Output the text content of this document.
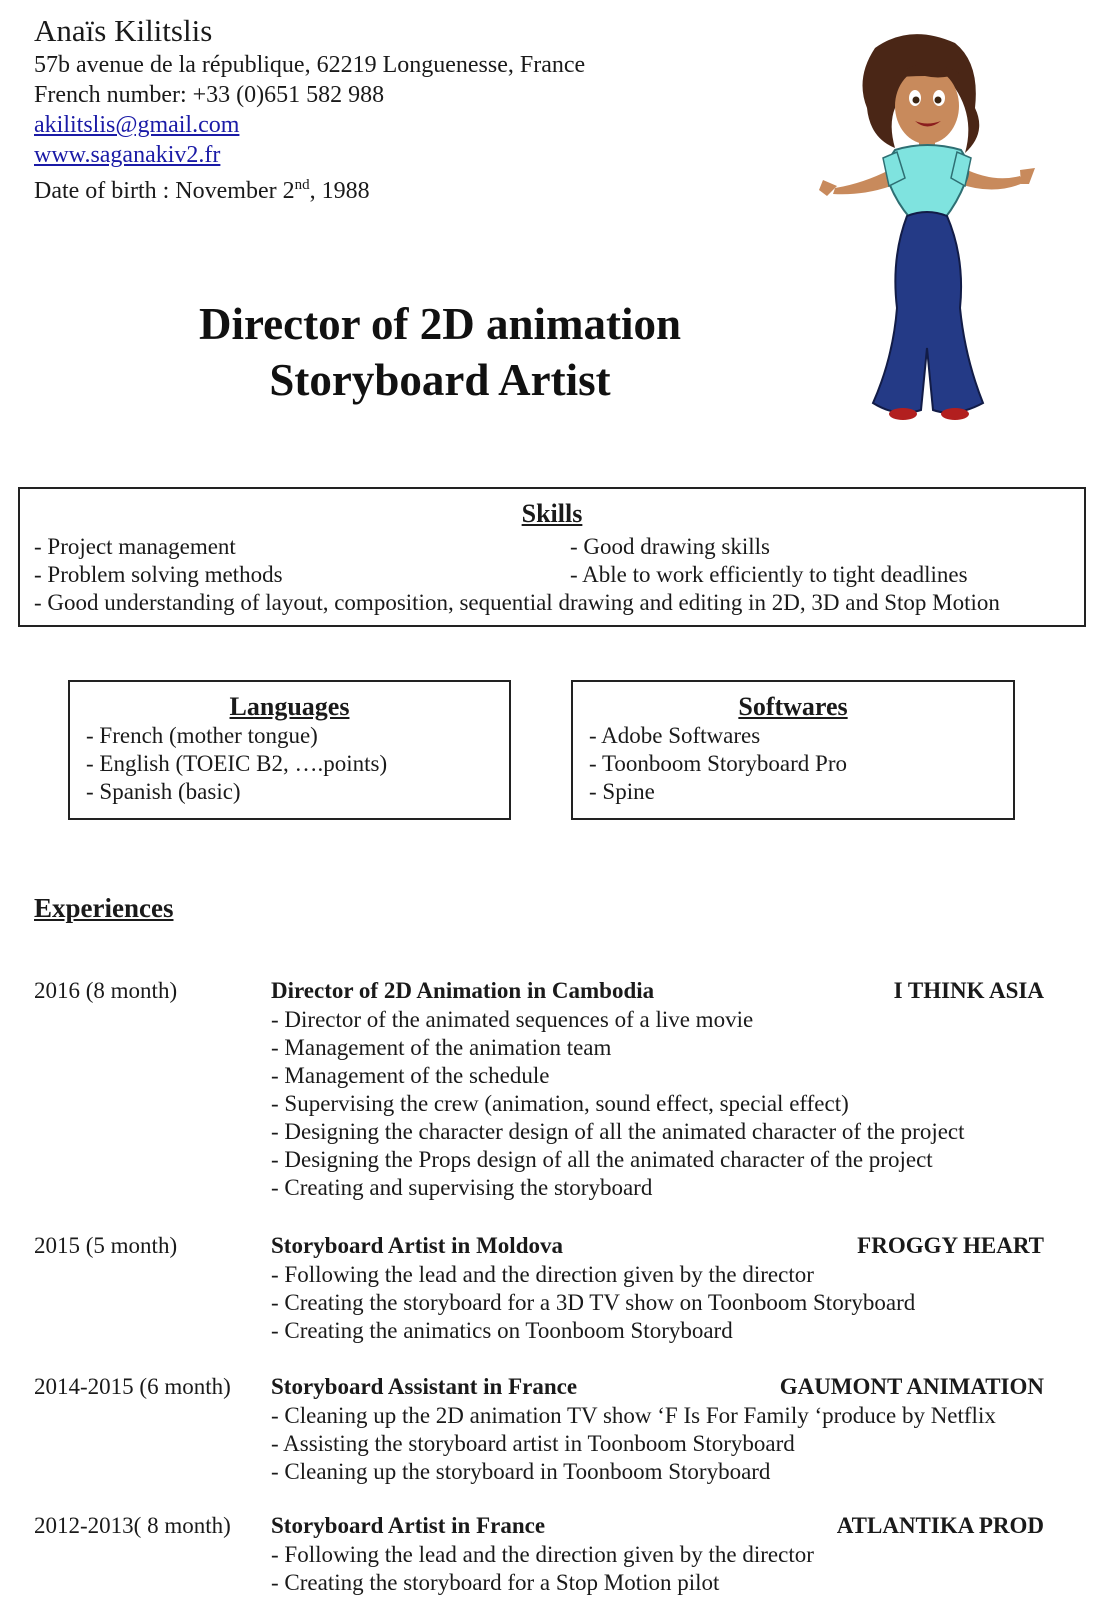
Anaïs Kilitslis
57b avenue de la république, 62219 Longuenesse, France
French number: +33 (0)651 582 988
akilitslis@gmail.com
www.saganakiv2.fr
Date of birth : November 2nd, 1988
Director of 2D animation
Storyboard Artist
Skills
- Project management
- Problem solving methods
- Good drawing skills
- Able to work efficiently to tight deadlines
- Good understanding of layout, composition, sequential drawing and editing in 2D, 3D and Stop Motion
Languages
- French (mother tongue)
- English (TOEIC B2, ….points)
- Spanish (basic)
Softwares
- Adobe Softwares
- Toonboom Storyboard Pro
- Spine
Experiences
2016 (8 month)	Director of 2D Animation in Cambodia	I THINK ASIA
- Director of the animated sequences of a live movie
- Management of the animation team
- Management of the schedule
- Supervising the crew (animation, sound effect, special effect)
- Designing the character design of all the animated character of the project
- Designing the Props design of all the animated character of the project
- Creating and supervising the storyboard
2015 (5 month)	Storyboard Artist in Moldova	FROGGY HEART
- Following the lead and the direction given by the director
- Creating the storyboard for a 3D TV show on Toonboom Storyboard
- Creating the animatics on Toonboom Storyboard
2014-2015 (6 month) Storyboard Assistant in France	GAUMONT ANIMATION
- Cleaning up the 2D animation TV show ‘F Is For Family ‘produce by Netflix
- Assisting the storyboard artist in Toonboom Storyboard
- Cleaning up the storyboard in Toonboom Storyboard
2012-2013( 8 month) Storyboard Artist in France	ATLANTIKA PROD
- Following the lead and the direction given by the director
- Creating the storyboard for a Stop Motion pilot
